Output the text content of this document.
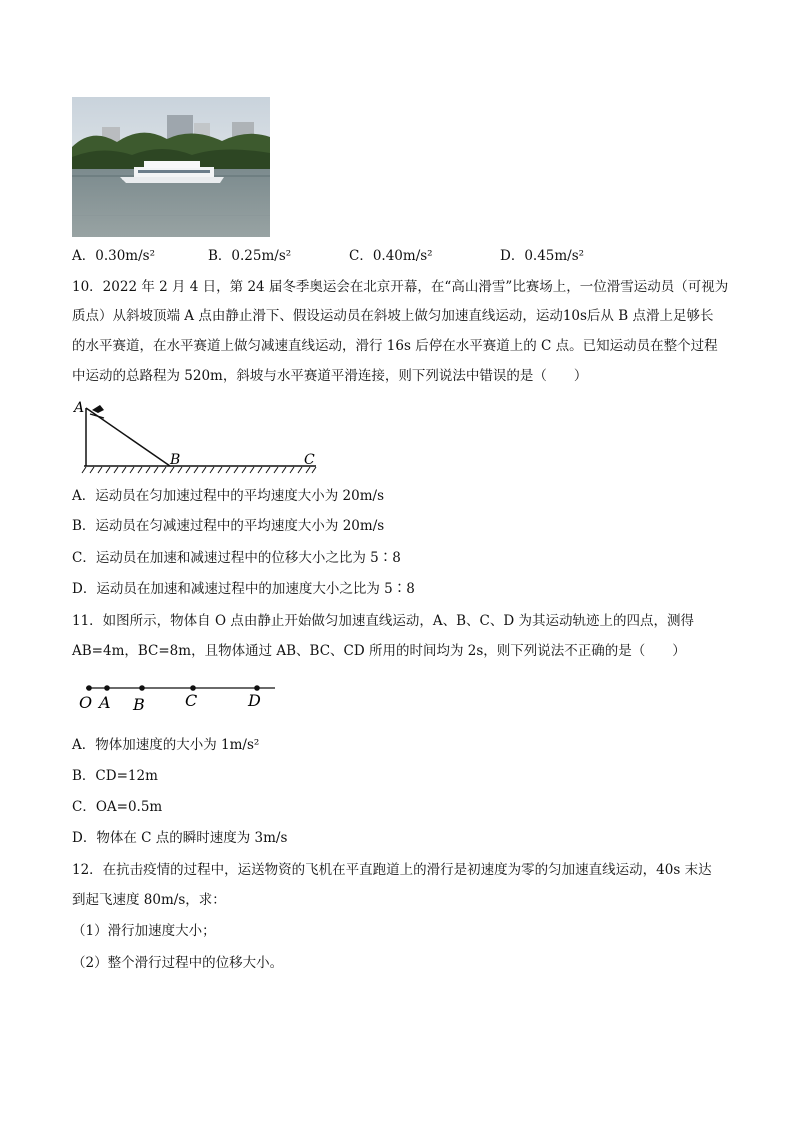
A．0.30m/s²	B．0.25m/s²	C．0.40m/s²	D．0.45m/s²
10．2022 年 2 月 4 日，第 24 届冬季奥运会在北京开幕，在“高山滑雪”比赛场上，一位滑雪运动员（可视为
质点）从斜坡顶端 A 点由静止滑下、假设运动员在斜坡上做匀加速直线运动，运动10s后从 B 点滑上足够长
的水平赛道，在水平赛道上做匀减速直线运动，滑行 16s 后停在水平赛道上的 C 点。已知运动员在整个过程
中运动的总路程为 520m，斜坡与水平赛道平滑连接，则下列说法中错误的是（　　）
A
B	C
A．运动员在匀加速过程中的平均速度大小为 20m/s
B．运动员在匀减速过程中的平均速度大小为 20m/s
C．运动员在加速和减速过程中的位移大小之比为 5∶8
D．运动员在加速和减速过程中的加速度大小之比为 5∶8
11．如图所示，物体自 O 点由静止开始做匀加速直线运动，A、B、C、D 为其运动轨迹上的四点，测得
AB=4m，BC=8m，且物体通过 AB、BC、CD 所用的时间均为 2s，则下列说法不正确的是（　　）
O A B	C	D
A．物体加速度的大小为 1m/s²
B．CD=12m
C．OA=0.5m
D．物体在 C 点的瞬时速度为 3m/s
12．在抗击疫情的过程中，运送物资的飞机在平直跑道上的滑行是初速度为零的匀加速直线运动，40s 末达
到起飞速度 80m/s，求：
（1）滑行加速度大小；
（2）整个滑行过程中的位移大小。
